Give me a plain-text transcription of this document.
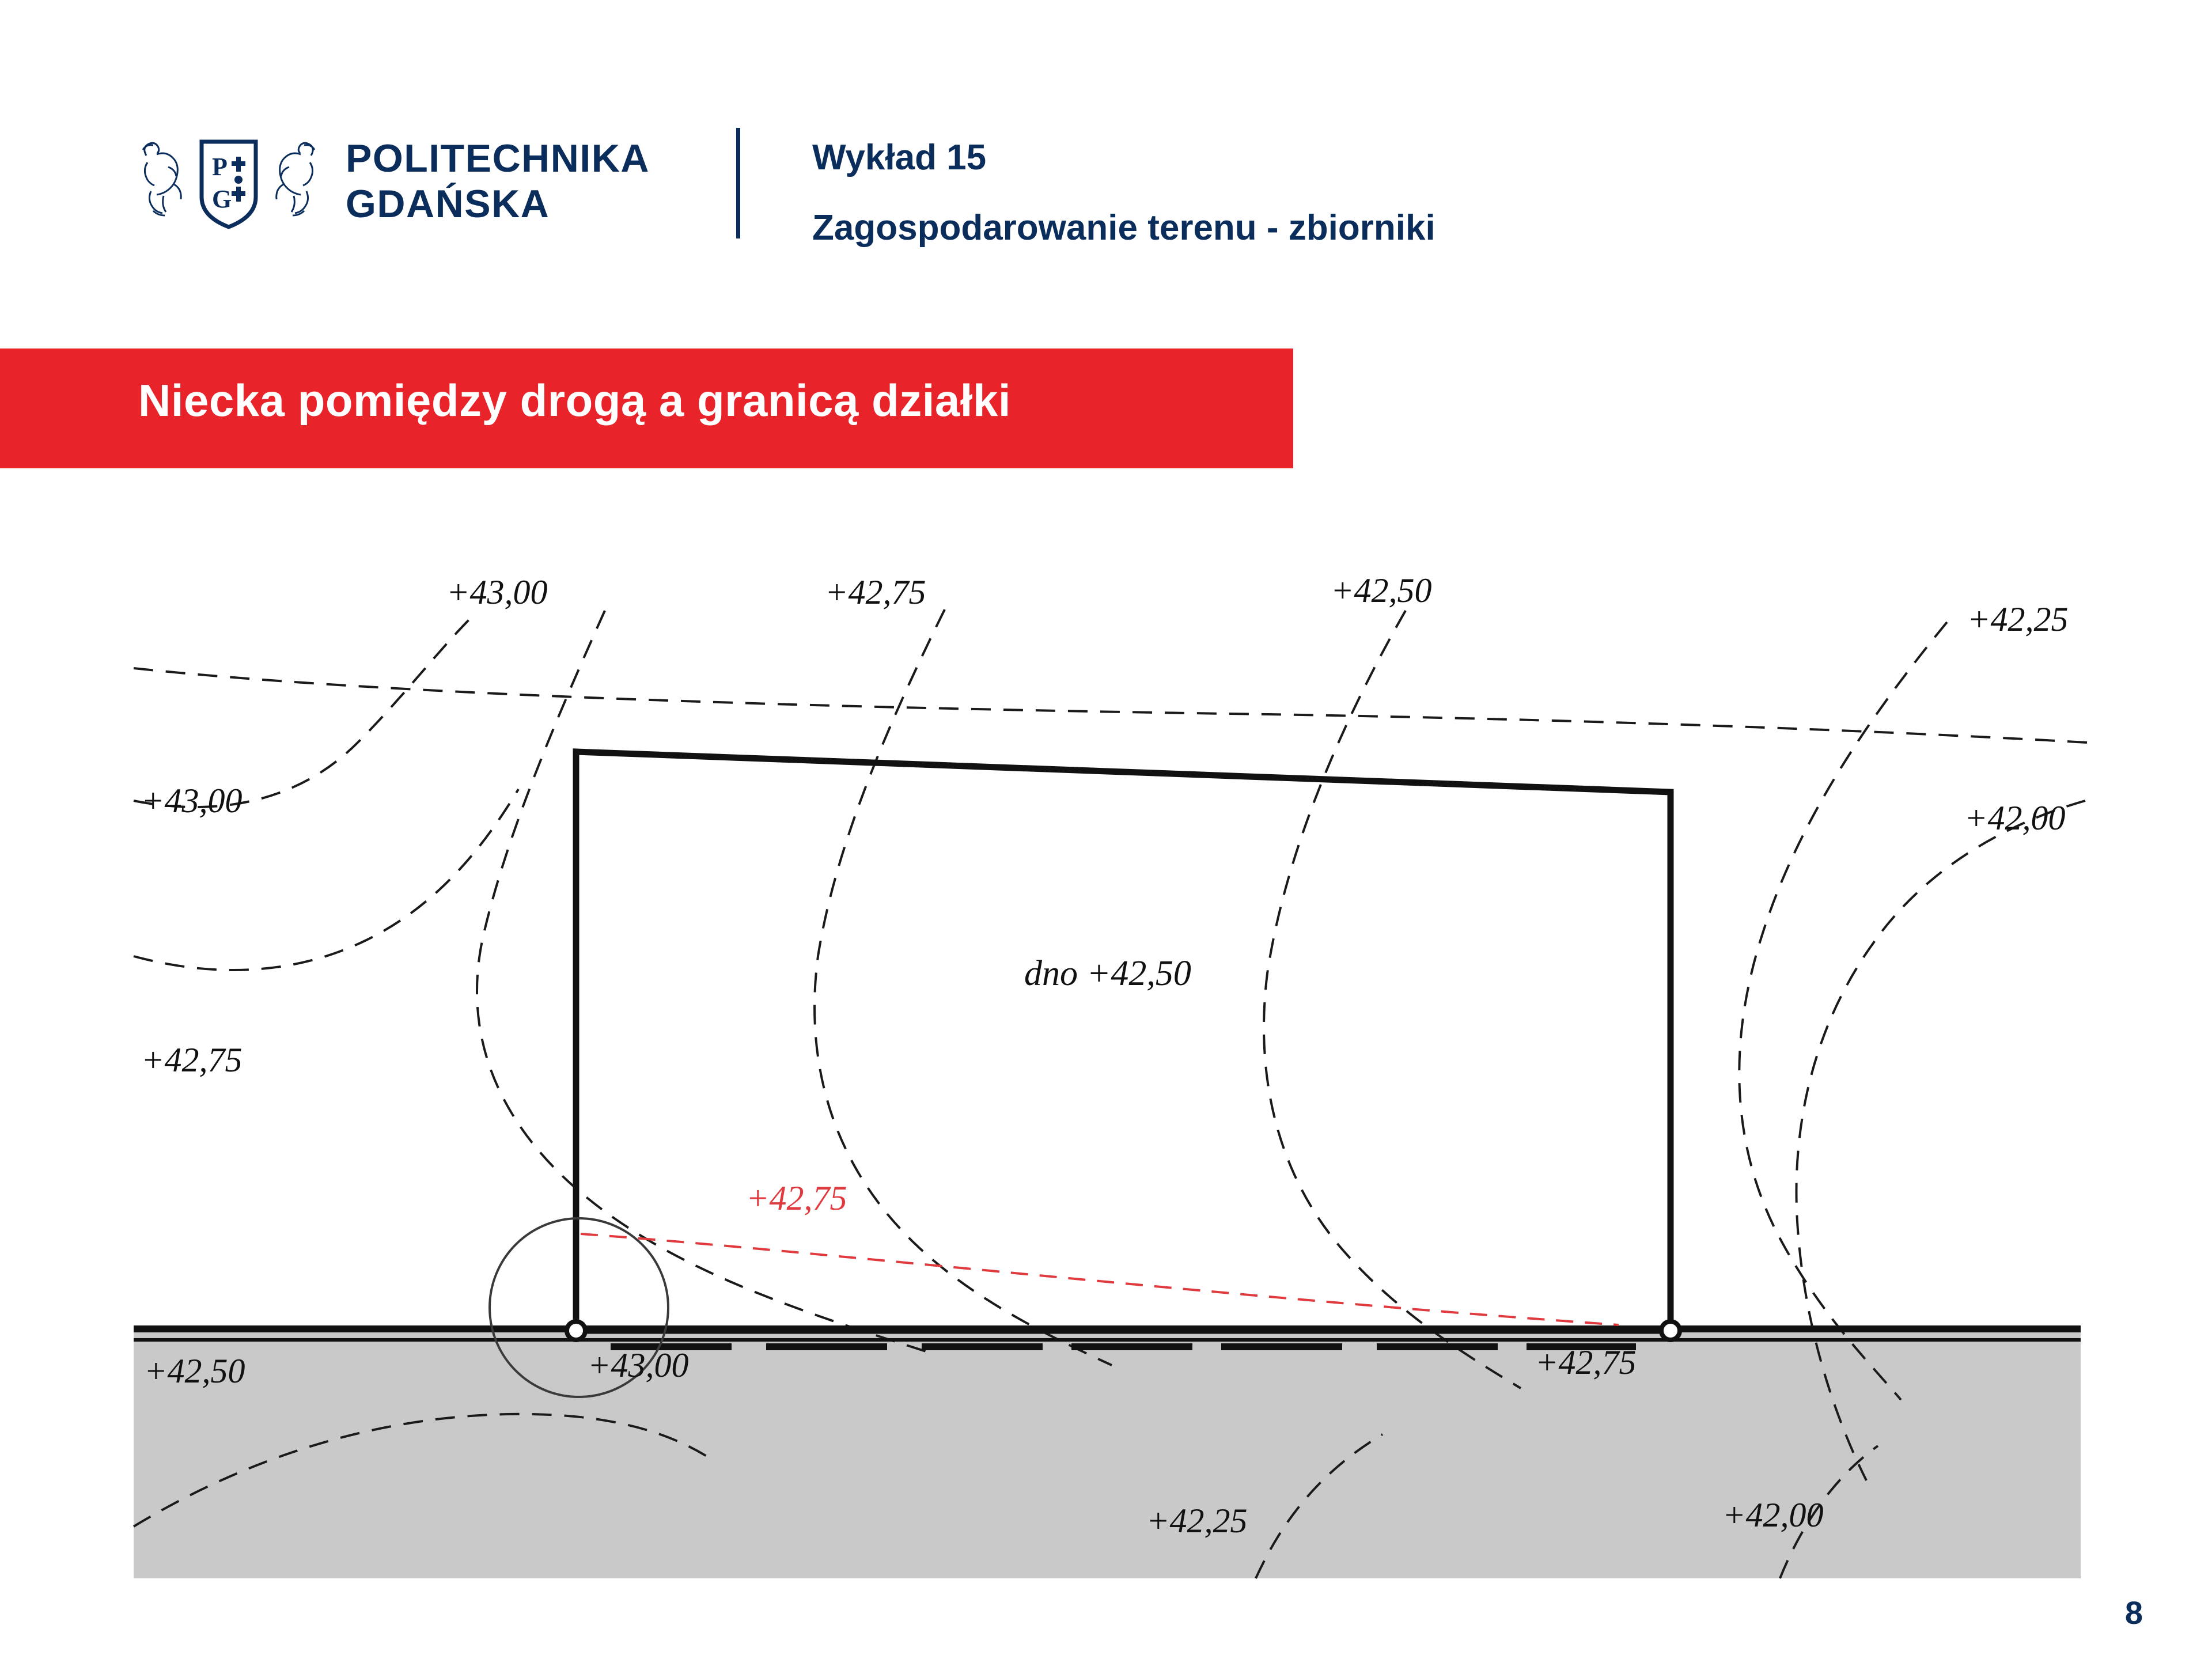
P
G
POLITECHNIKA
GDAŃSKA
Wykład 15
Zagospodarowanie terenu - zbiorniki
Niecka pomiędzy drogą a granicą działki
+43,00	+42,75	+42,50
+42,25
+43,00	+42,00
+42,75
+42,50
dno +42,50
+43,00	+42,75
+42,25	+42,00
+42,75
8
